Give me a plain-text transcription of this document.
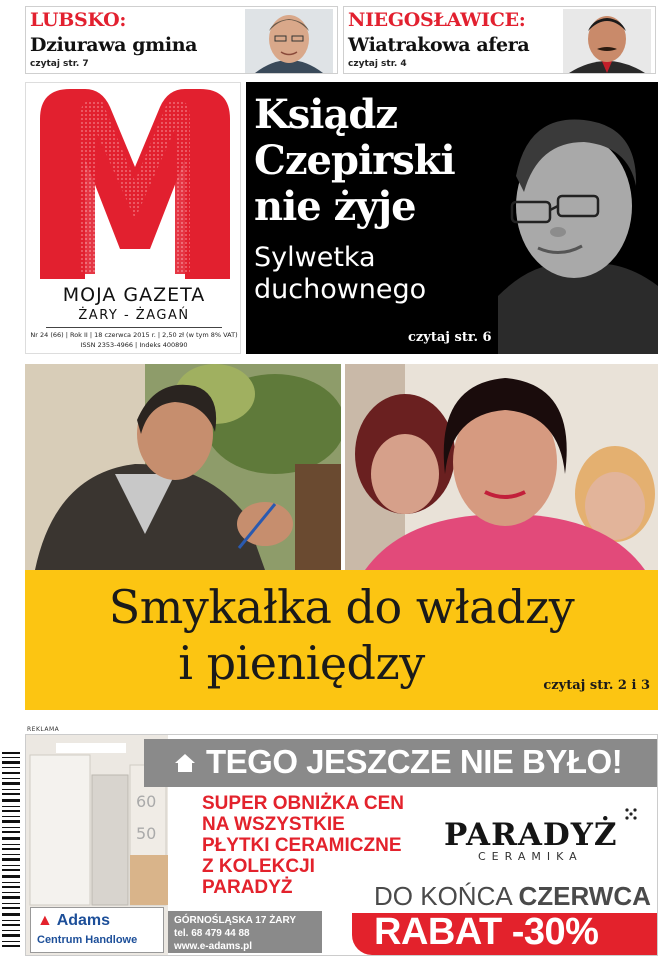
LUBSKO:
Dziurawa gmina
czytaj str. 7
NIEGOSŁAWICE:
Wiatrakowa afera
czytaj str. 4
MOJA GAZETA
ŻARY - ŻAGAŃ
Nr 24 (66) | Rok II | 18 czerwca 2015 r. | 2,50 zł (w tym 8% VAT)
ISSN 2353-4966 | Indeks 400890
Ksiądz
Czepirski
nie żyje
Sylwetka
duchownego
czytaj str. 6
Smykałka do władzy
i pieniędzy	czytaj str. 2 i 3
REKLAMA
60
50
TEGO JESZCZE NIE BYŁO!
SUPER OBNIŻKA CEN
NA WSZYSTKIE
PŁYTKI CERAMICZNE
Z KOLEKCJI
PARADYŻ
PARADYŻ
CERAMIKA
DO KOŃCA CZERWCA
RABAT -30%
▲ Adams
Centrum Handlowe
GÓRNOŚLĄSKA 17 ŻARY
tel. 68 479 44 88
www.e-adams.pl
